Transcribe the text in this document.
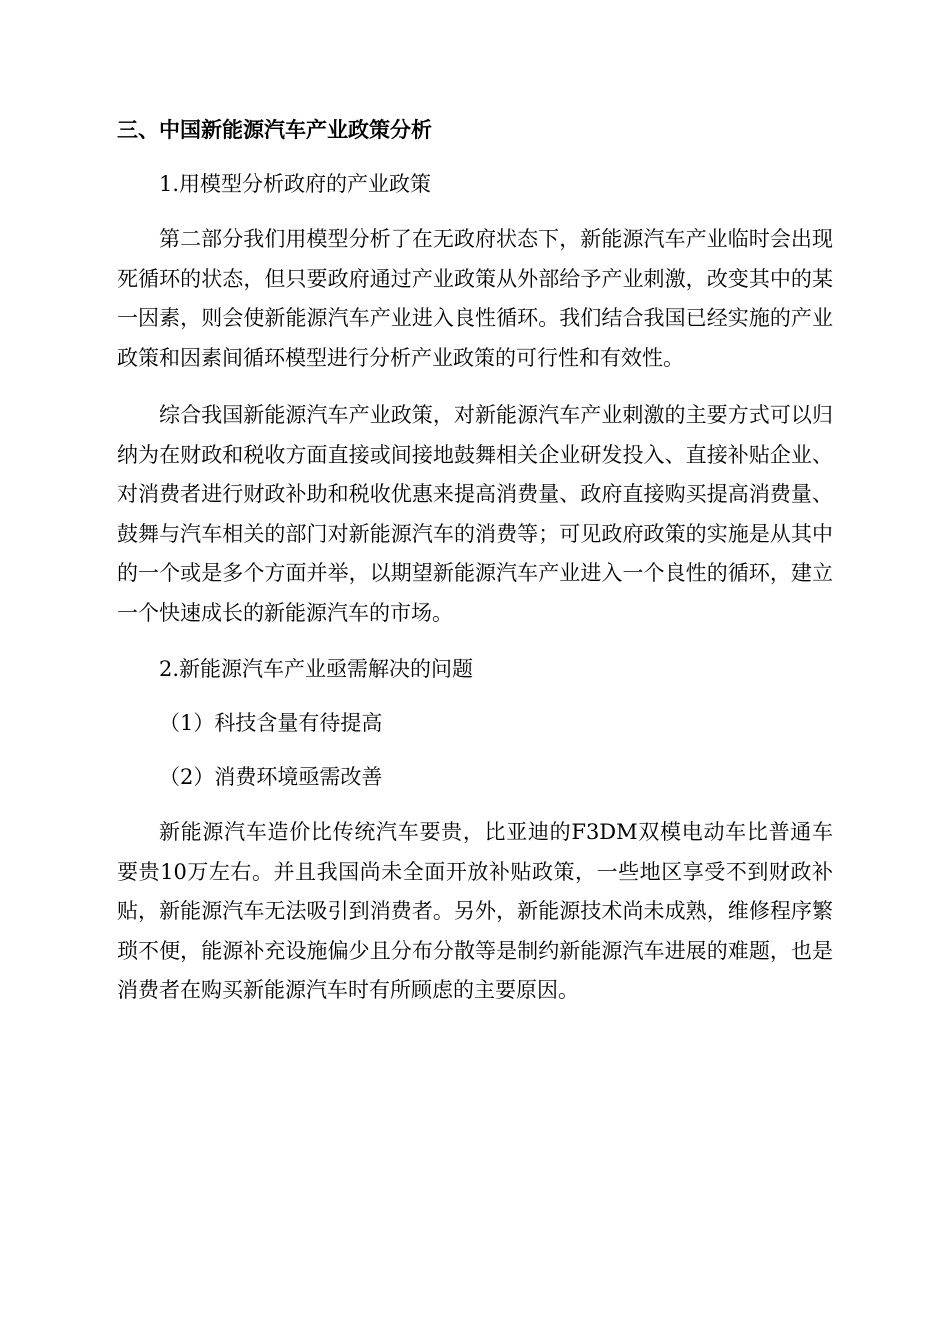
三、中国新能源汽车产业政策分析
1.用模型分析政府的产业政策

第二部分我们用模型分析了在无政府状态下，新能源汽车产业临时会出现死循环的状态，但只要政府通过产业政策从外部给予产业刺激，改变其中的某一因素，则会使新能源汽车产业进入良性循环。我们结合我国已经实施的产业政策和因素间循环模型进行分析产业政策的可行性和有效性。

综合我国新能源汽车产业政策，对新能源汽车产业刺激的主要方式可以归纳为在财政和税收方面直接或间接地鼓舞相关企业研发投入、直接补贴企业、对消费者进行财政补助和税收优惠来提高消费量、政府直接购买提高消费量、鼓舞与汽车相关的部门对新能源汽车的消费等；可见政府政策的实施是从其中的一个或是多个方面并举，以期望新能源汽车产业进入一个良性的循环，建立一个快速成长的新能源汽车的市场。

2.新能源汽车产业亟需解决的问题
（1）科技含量有待提高
（2）消费环境亟需改善

新能源汽车造价比传统汽车要贵，比亚迪的F3DM双模电动车比普通车要贵10万左右。并且我国尚未全面开放补贴政策，一些地区享受不到财政补贴，新能源汽车无法吸引到消费者。另外，新能源技术尚未成熟，维修程序繁琐不便，能源补充设施偏少且分布分散等是制约新能源汽车进展的难题，也是消费者在购买新能源汽车时有所顾虑的主要原因。
